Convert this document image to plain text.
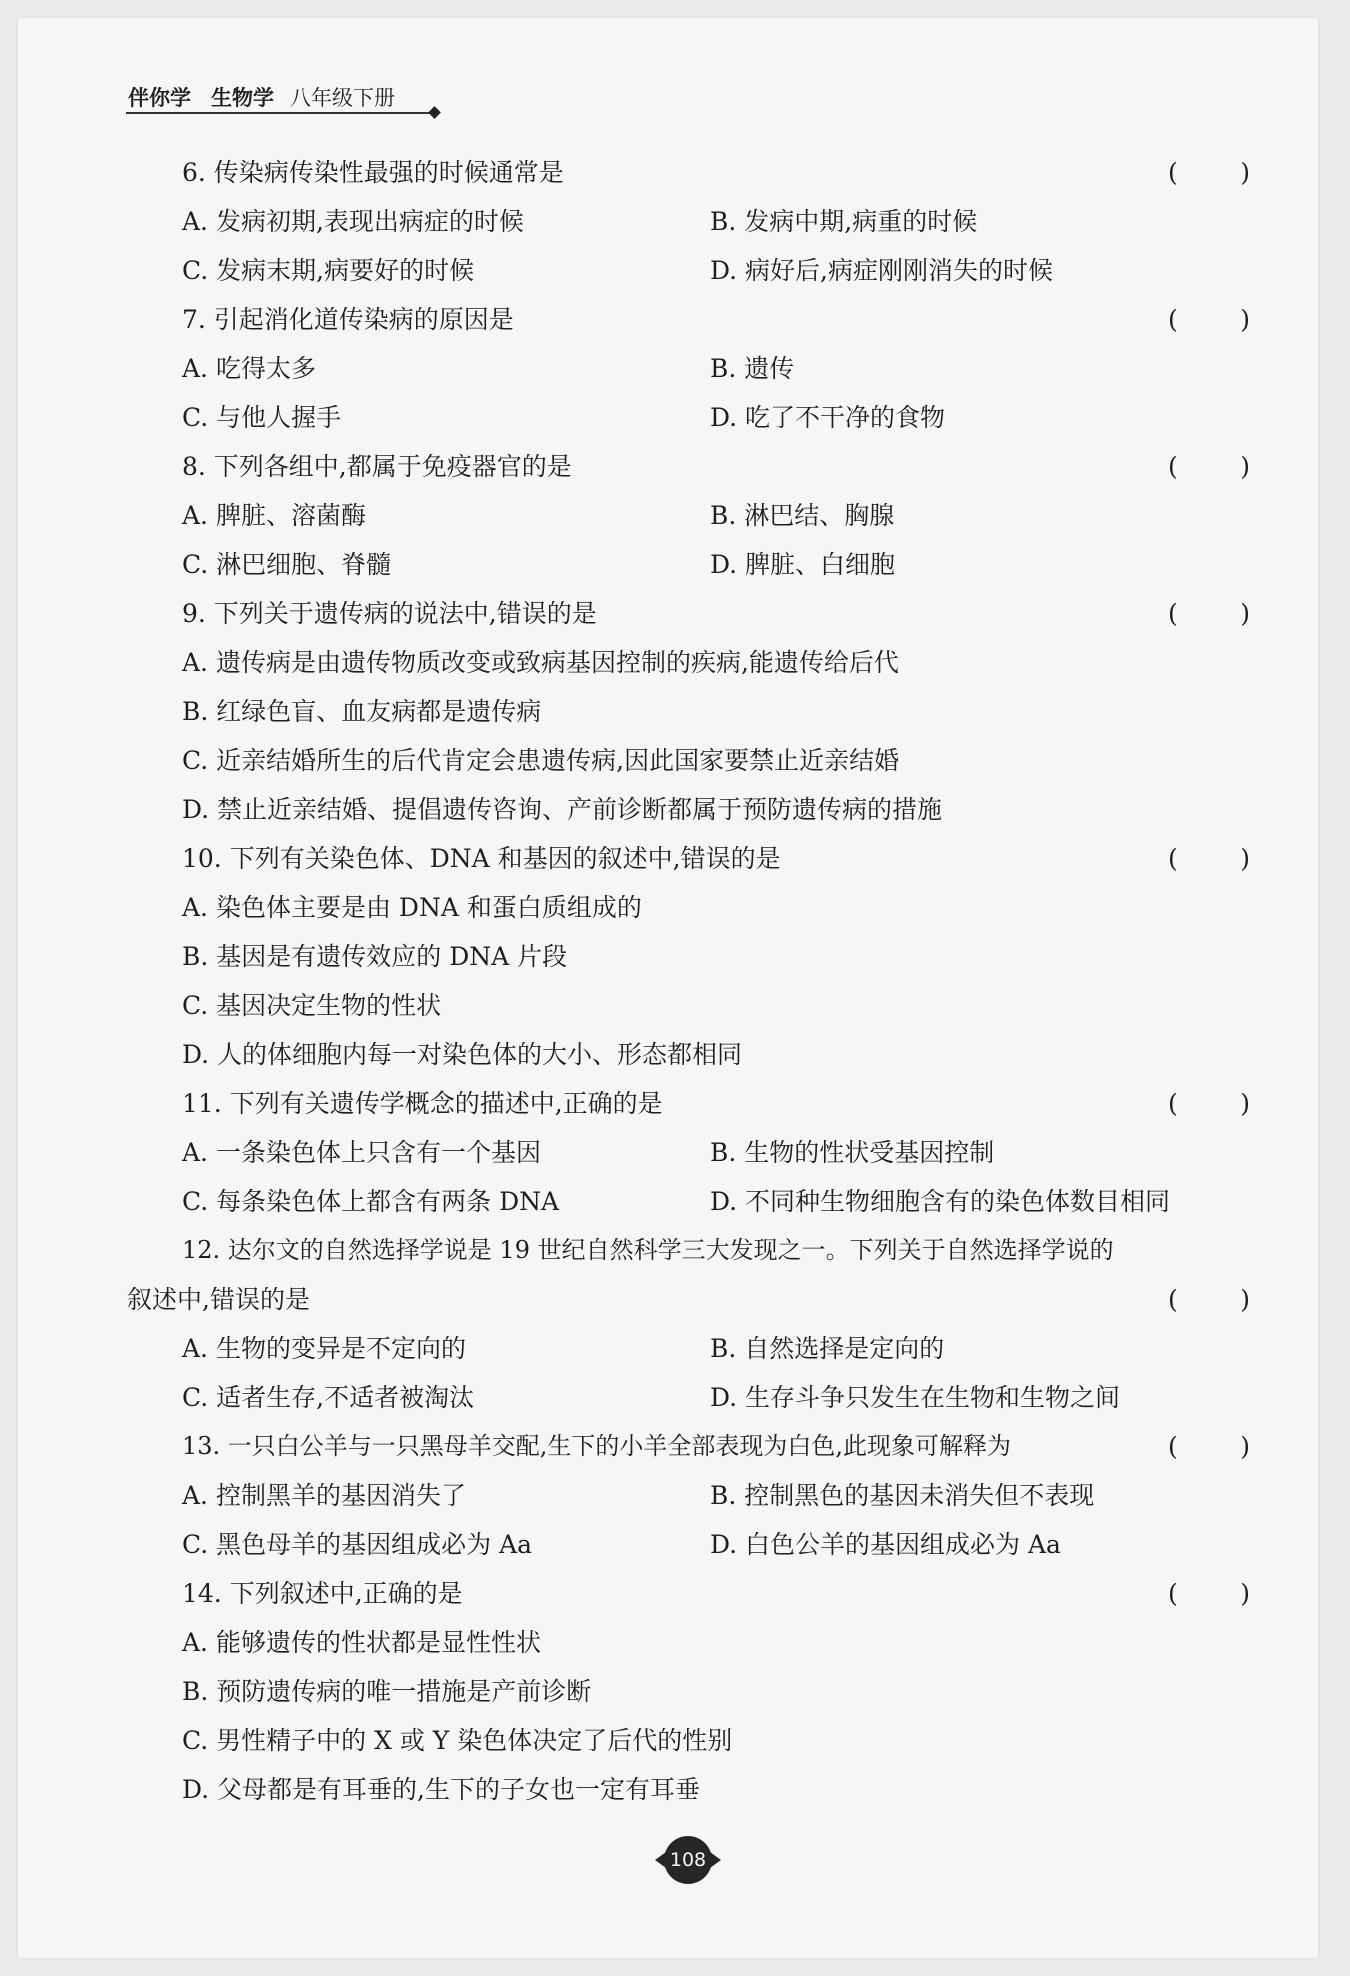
伴你学 生物学 八年级下册
6. 传染病传染性最强的时候通常是	( )
A. 发病初期,表现出病症的时候	B. 发病中期,病重的时候
C. 发病末期,病要好的时候	D. 病好后,病症刚刚消失的时候
7. 引起消化道传染病的原因是	( )
A. 吃得太多	B. 遗传
C. 与他人握手	D. 吃了不干净的食物
8. 下列各组中,都属于免疫器官的是	( )
A. 脾脏、溶菌酶	B. 淋巴结、胸腺
C. 淋巴细胞、脊髓	D. 脾脏、白细胞
9. 下列关于遗传病的说法中,错误的是	( )
A. 遗传病是由遗传物质改变或致病基因控制的疾病,能遗传给后代
B. 红绿色盲、血友病都是遗传病
C. 近亲结婚所生的后代肯定会患遗传病,因此国家要禁止近亲结婚
D. 禁止近亲结婚、提倡遗传咨询、产前诊断都属于预防遗传病的措施
10. 下列有关染色体、DNA 和基因的叙述中,错误的是	( )
A. 染色体主要是由 DNA 和蛋白质组成的
B. 基因是有遗传效应的 DNA 片段
C. 基因决定生物的性状
D. 人的体细胞内每一对染色体的大小、形态都相同
11. 下列有关遗传学概念的描述中,正确的是	( )
A. 一条染色体上只含有一个基因	B. 生物的性状受基因控制
C. 每条染色体上都含有两条 DNA	D. 不同种生物细胞含有的染色体数目相同
12. 达尔文的自然选择学说是 19 世纪自然科学三大发现之一。下列关于自然选择学说的
叙述中,错误的是	( )
A. 生物的变异是不定向的	B. 自然选择是定向的
C. 适者生存,不适者被淘汰	D. 生存斗争只发生在生物和生物之间
13. 一只白公羊与一只黑母羊交配,生下的小羊全部表现为白色,此现象可解释为	( )
A. 控制黑羊的基因消失了	B. 控制黑色的基因未消失但不表现
C. 黑色母羊的基因组成必为 Aa	D. 白色公羊的基因组成必为 Aa
14. 下列叙述中,正确的是	( )
A. 能够遗传的性状都是显性性状
B. 预防遗传病的唯一措施是产前诊断
C. 男性精子中的 X 或 Y 染色体决定了后代的性别
D. 父母都是有耳垂的,生下的子女也一定有耳垂
108
